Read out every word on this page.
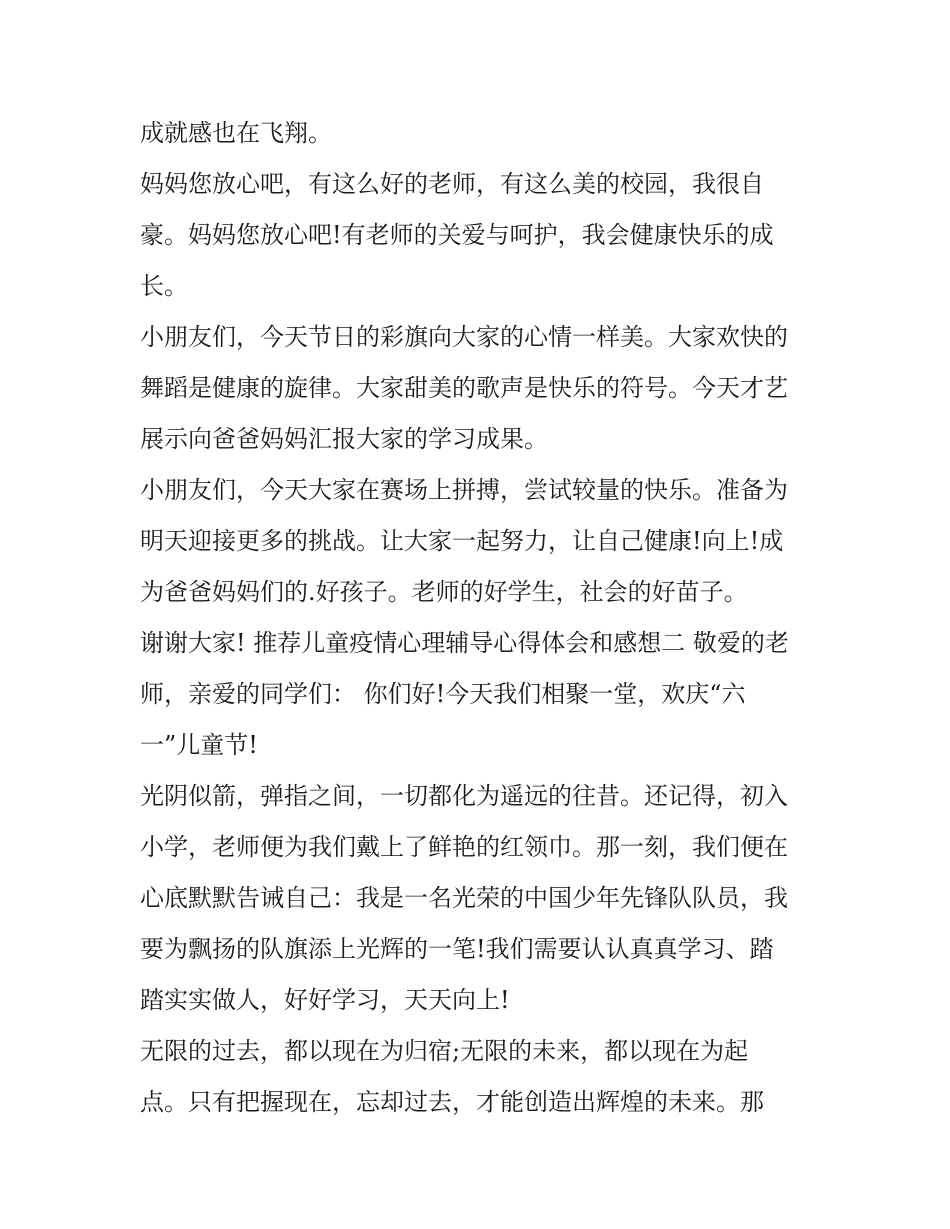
成就感也在飞翔。
妈妈您放心吧，有这么好的老师，有这么美的校园，我很自
豪。妈妈您放心吧!有老师的关爱与呵护，我会健康快乐的成
长。
小朋友们，今天节日的彩旗向大家的心情一样美。大家欢快的
舞蹈是健康的旋律。大家甜美的歌声是快乐的符号。今天才艺
展示向爸爸妈妈汇报大家的学习成果。
小朋友们，今天大家在赛场上拼搏，尝试较量的快乐。准备为
明天迎接更多的挑战。让大家一起努力，让自己健康!向上!成
为爸爸妈妈们的.好孩子。老师的好学生，社会的好苗子。
谢谢大家! 推荐儿童疫情心理辅导心得体会和感想二 敬爱的老
师，亲爱的同学们： 你们好!今天我们相聚一堂，欢庆“六
一”儿童节!
光阴似箭，弹指之间，一切都化为遥远的往昔。还记得，初入
小学，老师便为我们戴上了鲜艳的红领巾。那一刻，我们便在
心底默默告诫自己：我是一名光荣的中国少年先锋队队员，我
要为飘扬的队旗添上光辉的一笔!我们需要认认真真学习、踏
踏实实做人，好好学习，天天向上!
无限的过去，都以现在为归宿;无限的未来，都以现在为起
点。只有把握现在，忘却过去，才能创造出辉煌的未来。那
